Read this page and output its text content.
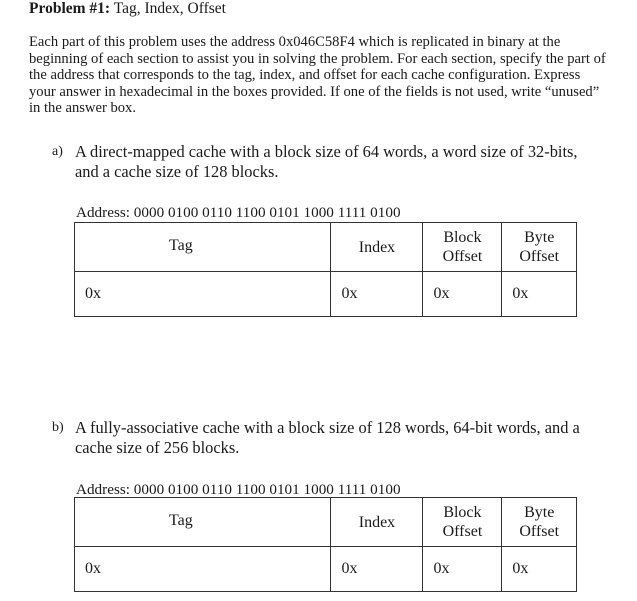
Problem #1: Tag, Index, Offset
Each part of this problem uses the address 0x046C58F4 which is replicated in binary at the beginning of each section to assist you in solving the problem. For each section, specify the part of the address that corresponds to the tag, index, and offset for each cache configuration. Express your answer in hexadecimal in the boxes provided. If one of the fields is not used, write “unused” in the answer box.
a) A direct-mapped cache with a block size of 64 words, a word size of 32-bits, and a cache size of 128 blocks.
Address: 0000 0100 0110 1100 0101 1000 1111 0100
Tag	Index	Block Offset	Byte Offset
0x	0x	0x	0x
b) A fully-associative cache with a block size of 128 words, 64-bit words, and a cache size of 256 blocks.
Address: 0000 0100 0110 1100 0101 1000 1111 0100
Tag	Index	Block Offset	Byte Offset
0x	0x	0x	0x
